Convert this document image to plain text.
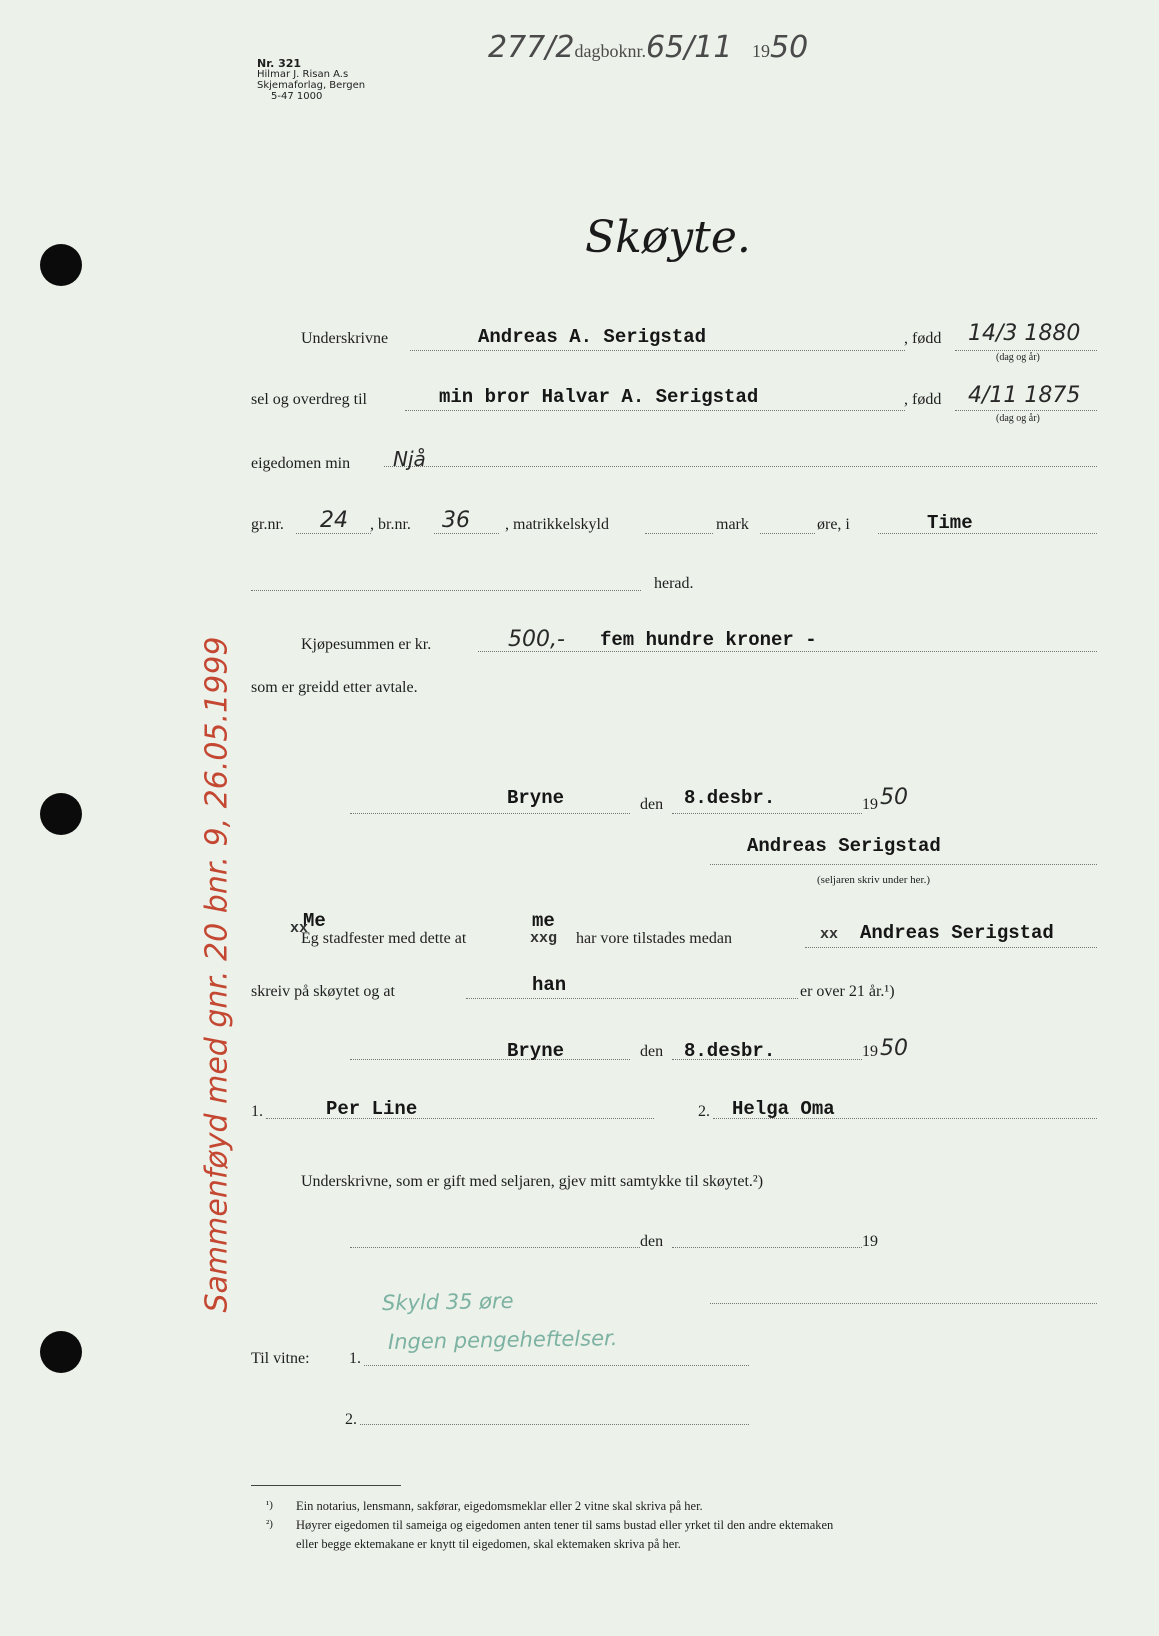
277/2dagboknr.65/11 1950
Nr. 321
Hilmar J. Risan A.s
Skjemaforlag, Bergen
5-47 1000
Skøyte.
Underskrivne	Andreas A. Serigstad	, fødd 14/3 1880
(dag og år)
sel og overdreg til	min bror Halvar A. Serigstad	, fødd 4/11 1875
(dag og år)
eigedomen min Njå
gr.nr. 24 , br.nr. 36 , matrikkelskyld	mark	øre, i	Time
herad.
Kjøpesummen er kr.	500,- fem hundre kroner -
som er greidd etter avtale.
Bryne	den 8.desbr.	19 50
Andreas Serigstad
(seljaren skriv under her.)
Me
xx
Eg stadfester med dette at
me
xxg har vore tilstades medan	xx Andreas Serigstad
skreiv på skøytet og at	han	er over 21 år.¹)
Bryne	den 8.desbr.	19 50
1.	Per Line	2. Helga Oma
Underskrivne, som er gift med seljaren, gjev mitt samtykke til skøytet.²)
den	19
Skyld 35 øre
Ingen pengeheftelser.
Til vitne: 1.
2.
Sammenføyd med gnr. 20 bnr. 9, 26.05.1999
¹) Ein notarius, lensmann, sakførar, eigedomsmeklar eller 2 vitne skal skriva på her.
²) Høyrer eigedomen til sameiga og eigedomen anten tener til sams bustad eller yrket til den andre ektemaken
eller begge ektemakane er knytt til eigedomen, skal ektemaken skriva på her.
